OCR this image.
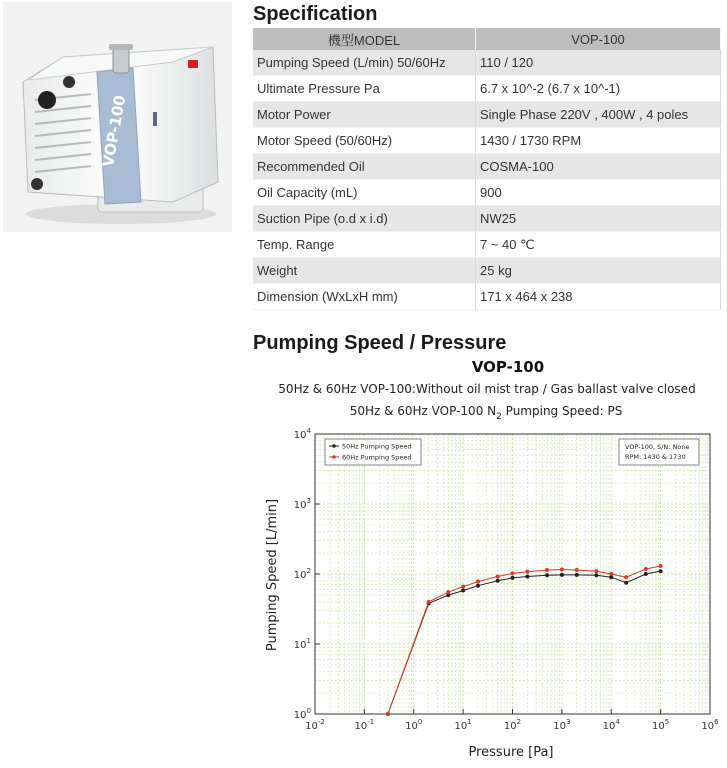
VOP-100
Specification
機型MODEL	VOP-100
Pumping Speed (L/min) 50/60Hz	110 / 120
Ultimate Pressure Pa	6.7 x 10^-2 (6.7 x 10^-1)
Motor Power	Single Phase 220V , 400W , 4 poles
Motor Speed (50/60Hz)	1430 / 1730 RPM
Recommended Oil	COSMA-100
Oil Capacity (mL)	900
Suction Pipe (o.d x i.d)	NW25
Temp. Range	7 ~ 40 ℃
Weight	25 kg
Dimension (WxLxH mm)	171 x 464 x 238
Pumping Speed / Pressure
VOP-100
50Hz & 60Hz VOP-100:Without oil mist trap / Gas ballast valve closed
50Hz & 60Hz VOP-100 $N_2$ Pumping Speed: PS
$10^{-2}$	$10^{-1}$	$10^0$	$10^1$	$10^2$	$10^3$	$10^4$	$10^5$	$10^6$
$10^0$
$10^1$
$10^2$
$10^3$
$10^4$
50Hz Pumping Speed
60Hz Pumping Speed
VOP-100, S/N: None
RPM: 1430 & 1730
Pressure [Pa]
Pumping Speed [L/min]
